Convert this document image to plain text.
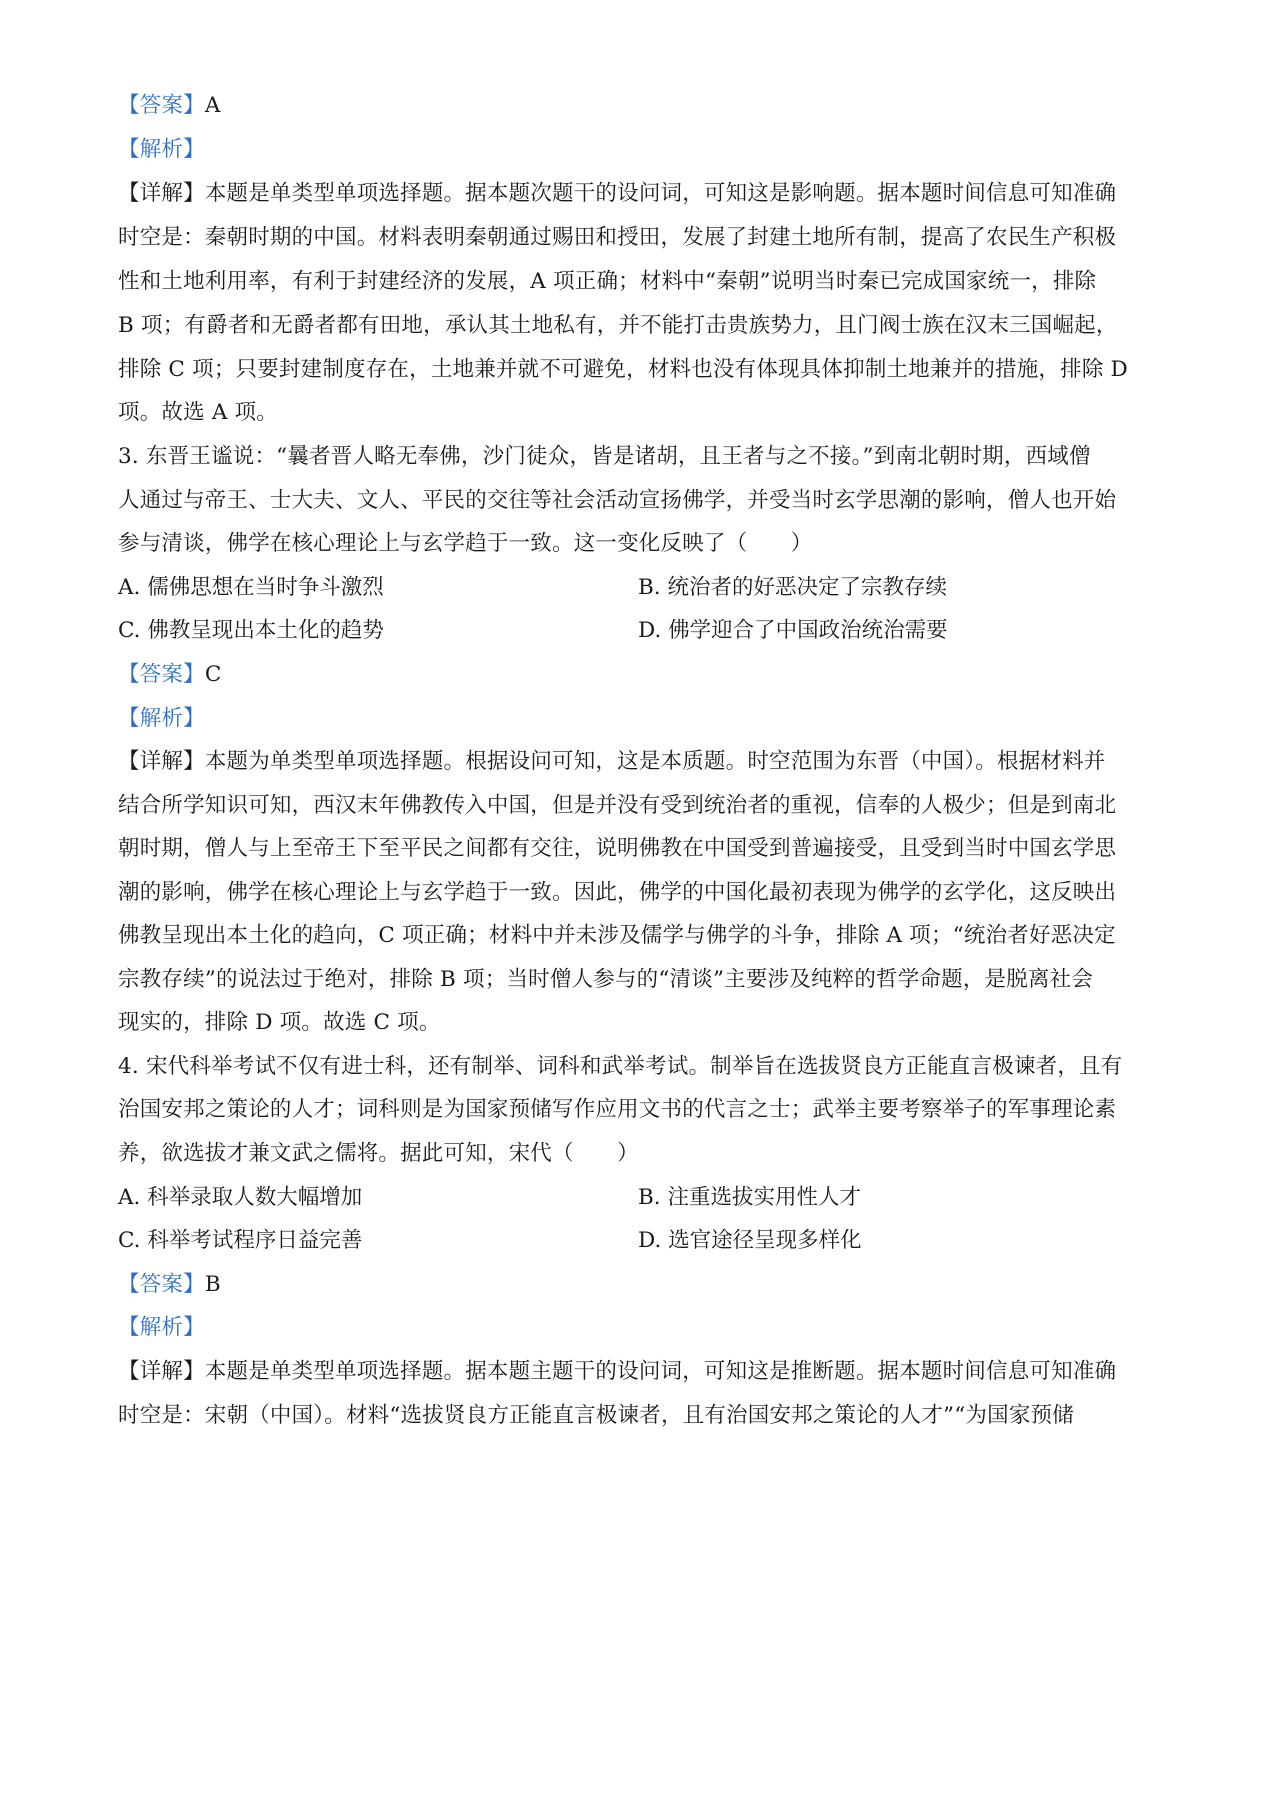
【答案】A

【解析】

【详解】本题是单类型单项选择题。据本题次题干的设问词，可知这是影响题。据本题时间信息可知准确

时空是：秦朝时期的中国。材料表明秦朝通过赐田和授田，发展了封建土地所有制，提高了农民生产积极

性和土地利用率，有利于封建经济的发展，A 项正确；材料中“秦朝”说明当时秦已完成国家统一，排除

B 项；有爵者和无爵者都有田地，承认其土地私有，并不能打击贵族势力，且门阀士族在汉末三国崛起，

排除 C 项；只要封建制度存在，土地兼并就不可避免，材料也没有体现具体抑制土地兼并的措施，排除 D

项。故选 A 项。

3. 东晋王谧说：“曩者晋人略无奉佛，沙门徒众，皆是诸胡，且王者与之不接。”到南北朝时期，西域僧

人通过与帝王、士大夫、文人、平民的交往等社会活动宣扬佛学，并受当时玄学思潮的影响，僧人也开始

参与清谈，佛学在核心理论上与玄学趋于一致。这一变化反映了（　　）

A. 儒佛思想在当时争斗激烈	B. 统治者的好恶决定了宗教存续

C. 佛教呈现出本土化的趋势	D. 佛学迎合了中国政治统治需要

【答案】C

【解析】

【详解】本题为单类型单项选择题。根据设问可知，这是本质题。时空范围为东晋（中国）。根据材料并

结合所学知识可知，西汉末年佛教传入中国，但是并没有受到统治者的重视，信奉的人极少；但是到南北

朝时期，僧人与上至帝王下至平民之间都有交往，说明佛教在中国受到普遍接受，且受到当时中国玄学思

潮的影响，佛学在核心理论上与玄学趋于一致。因此，佛学的中国化最初表现为佛学的玄学化，这反映出

佛教呈现出本土化的趋向，C 项正确；材料中并未涉及儒学与佛学的斗争，排除 A 项；“统治者好恶决定

宗教存续”的说法过于绝对，排除 B 项；当时僧人参与的“清谈”主要涉及纯粹的哲学命题，是脱离社会

现实的，排除 D 项。故选 C 项。

4. 宋代科举考试不仅有进士科，还有制举、词科和武举考试。制举旨在选拔贤良方正能直言极谏者，且有

治国安邦之策论的人才；词科则是为国家预储写作应用文书的代言之士；武举主要考察举子的军事理论素

养，欲选拔才兼文武之儒将。据此可知，宋代（　　）

A. 科举录取人数大幅增加	B. 注重选拔实用性人才

C. 科举考试程序日益完善	D. 选官途径呈现多样化

【答案】B

【解析】

【详解】本题是单类型单项选择题。据本题主题干的设问词，可知这是推断题。据本题时间信息可知准确

时空是：宋朝（中国）。材料“选拔贤良方正能直言极谏者，且有治国安邦之策论的人才”“为国家预储
